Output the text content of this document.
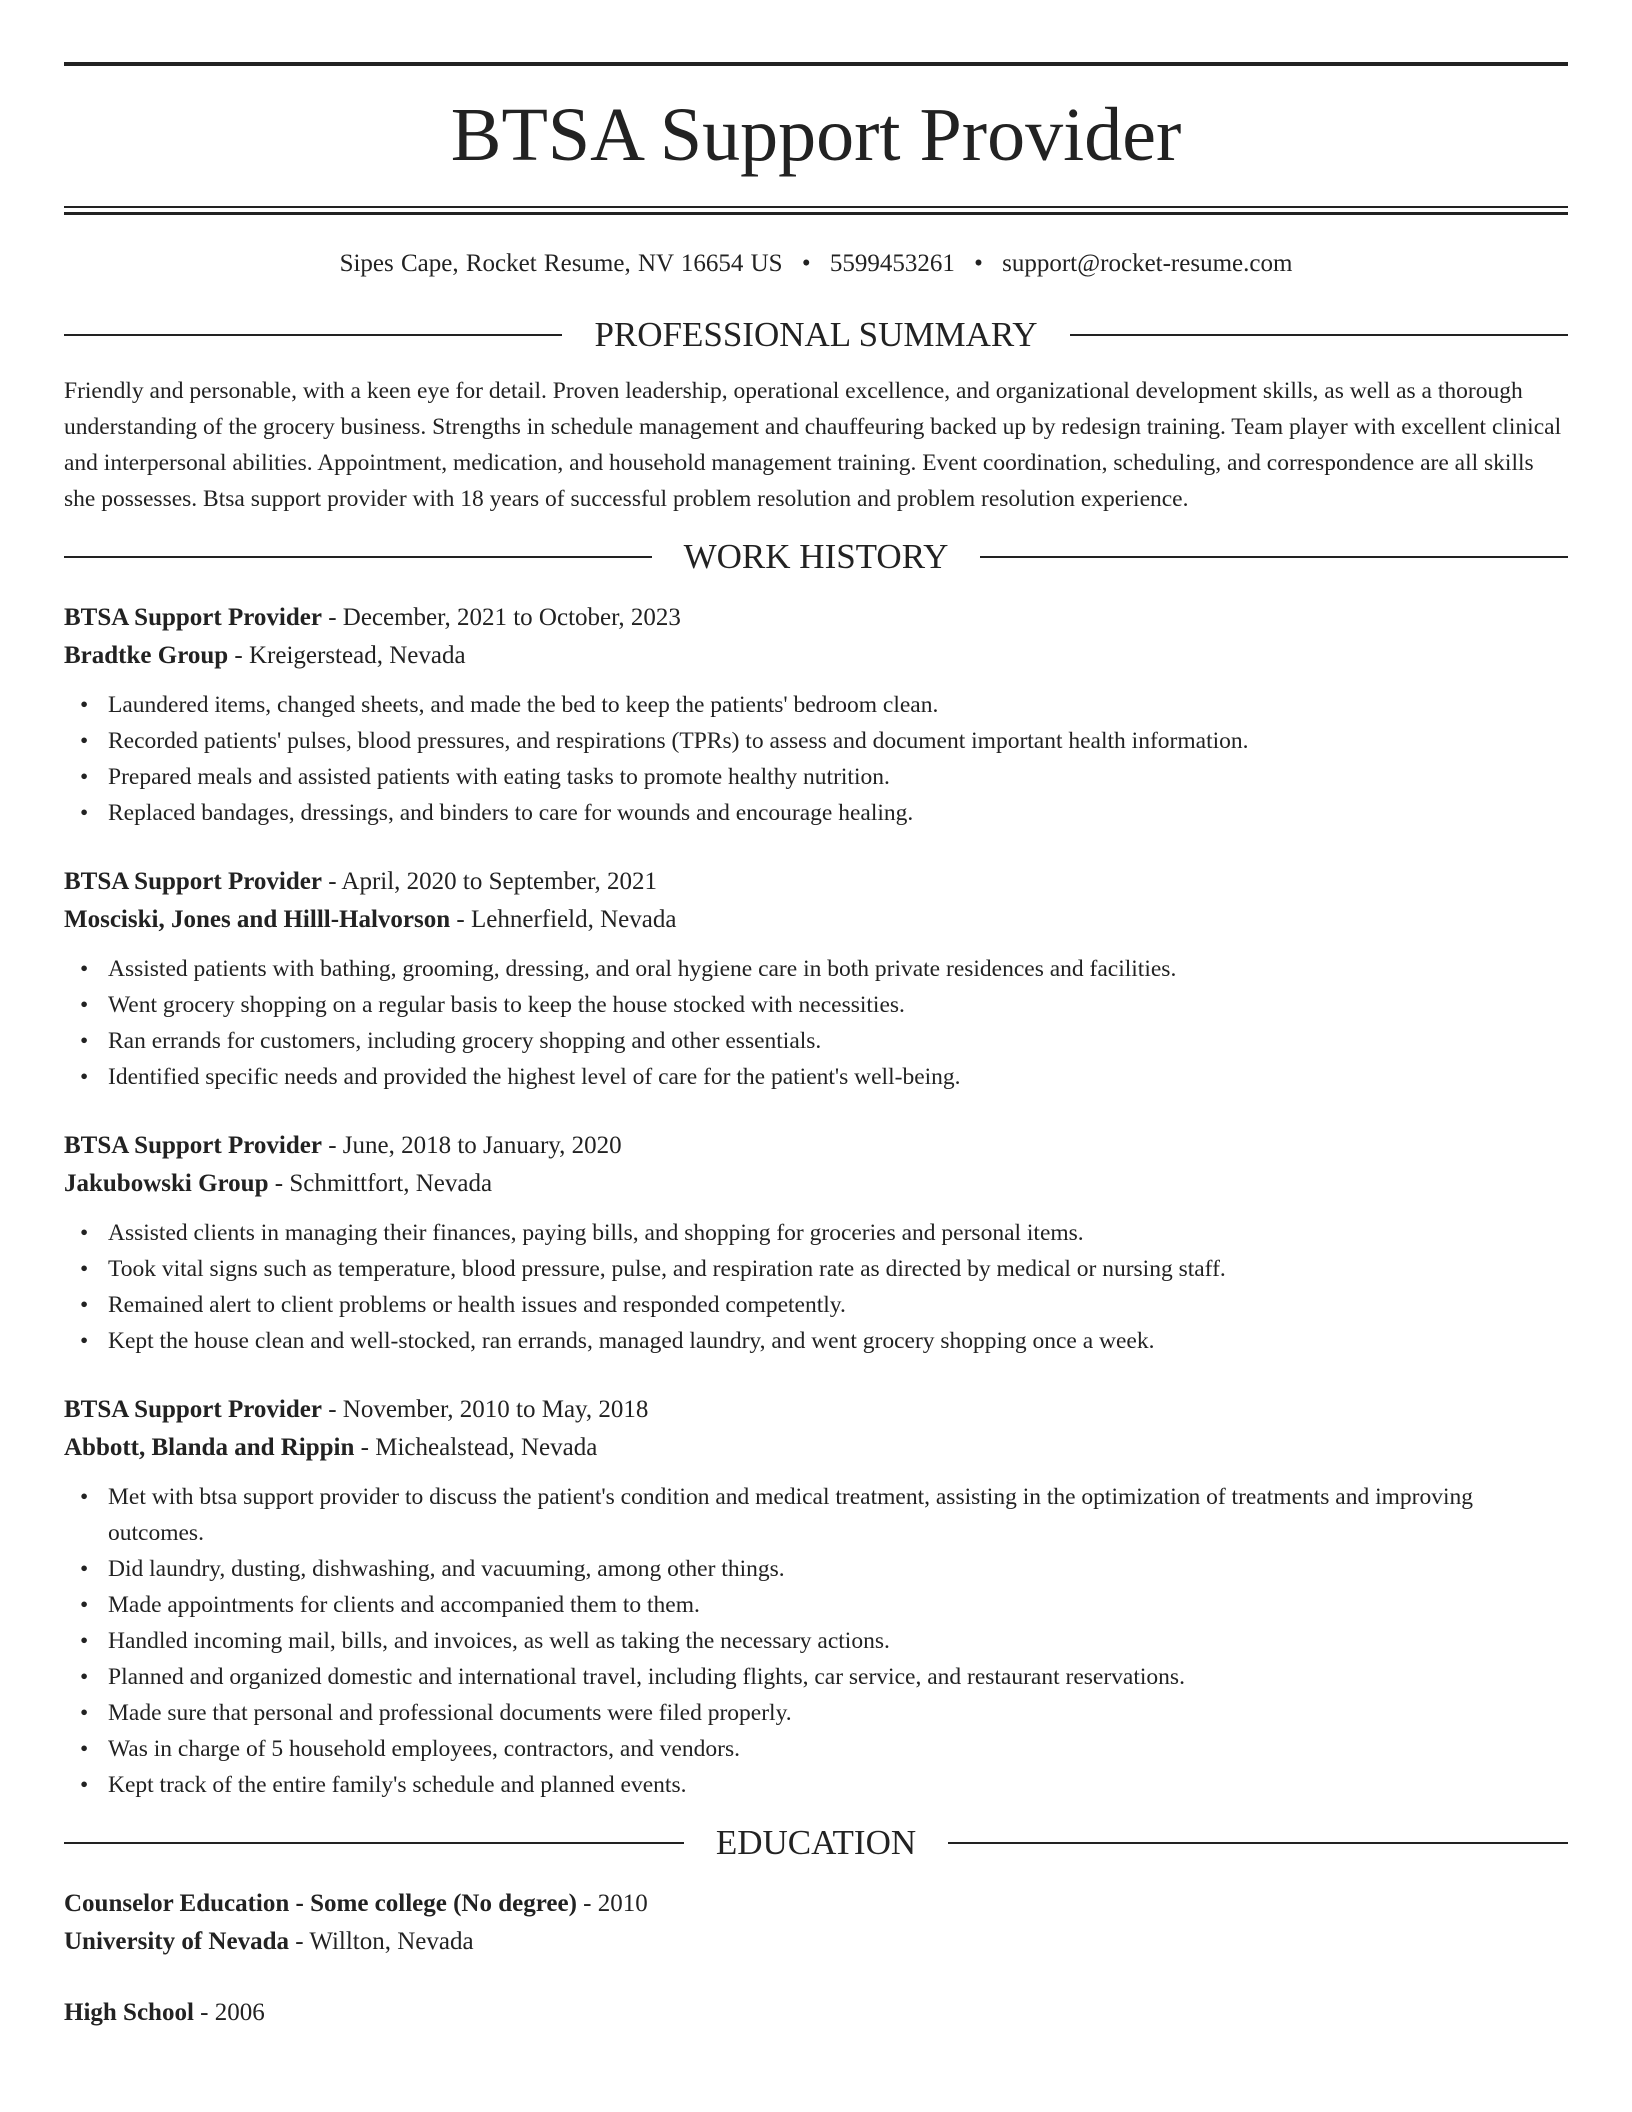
BTSA Support Provider
Sipes Cape, Rocket Resume, NV 16654 US • 5599453261 • support@rocket-resume.com
PROFESSIONAL SUMMARY

Friendly and personable, with a keen eye for detail. Proven leadership, operational excellence, and organizational development skills, as well as a thorough understanding of the grocery business. Strengths in schedule management and chauffeuring backed up by redesign training. Team player with excellent clinical and interpersonal abilities. Appointment, medication, and household management training. Event coordination, scheduling, and correspondence are all skills she possesses. Btsa support provider with 18 years of successful problem resolution and problem resolution experience.

WORK HISTORY
BTSA Support Provider - December, 2021 to October, 2023
Bradtke Group - Kreigerstead, Nevada
• Laundered items, changed sheets, and made the bed to keep the patients' bedroom clean.
• Recorded patients' pulses, blood pressures, and respirations (TPRs) to assess and document important health information.
• Prepared meals and assisted patients with eating tasks to promote healthy nutrition.
• Replaced bandages, dressings, and binders to care for wounds and encourage healing.
BTSA Support Provider - April, 2020 to September, 2021
Mosciski, Jones and Hilll-Halvorson - Lehnerfield, Nevada
• Assisted patients with bathing, grooming, dressing, and oral hygiene care in both private residences and facilities.
• Went grocery shopping on a regular basis to keep the house stocked with necessities.
• Ran errands for customers, including grocery shopping and other essentials.
• Identified specific needs and provided the highest level of care for the patient's well-being.
BTSA Support Provider - June, 2018 to January, 2020
Jakubowski Group - Schmittfort, Nevada
• Assisted clients in managing their finances, paying bills, and shopping for groceries and personal items.
• Took vital signs such as temperature, blood pressure, pulse, and respiration rate as directed by medical or nursing staff.
• Remained alert to client problems or health issues and responded competently.
• Kept the house clean and well-stocked, ran errands, managed laundry, and went grocery shopping once a week.
BTSA Support Provider - November, 2010 to May, 2018
Abbott, Blanda and Rippin - Michealstead, Nevada
• Met with btsa support provider to discuss the patient's condition and medical treatment, assisting in the optimization of treatments and improving outcomes.
• Did laundry, dusting, dishwashing, and vacuuming, among other things.
• Made appointments for clients and accompanied them to them.
• Handled incoming mail, bills, and invoices, as well as taking the necessary actions.
• Planned and organized domestic and international travel, including flights, car service, and restaurant reservations.
• Made sure that personal and professional documents were filed properly.
• Was in charge of 5 household employees, contractors, and vendors.
• Kept track of the entire family's schedule and planned events.
EDUCATION
Counselor Education - Some college (No degree) - 2010
University of Nevada - Willton, Nevada
High School - 2006
